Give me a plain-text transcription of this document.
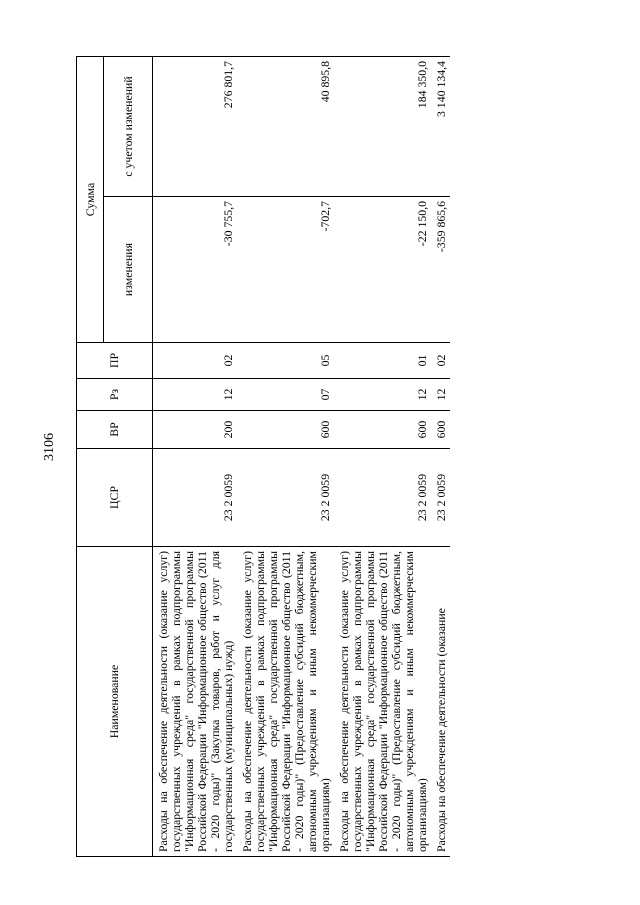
3106
Наименование	ЦСР	ВР	Рз	ПР	Сумма	
					изменения	с учетом изменений
Расходы на обеспечение деятельности (оказание услуг) государственных учреждений в рамках подпрограммы "Информационная среда" государственной программы Российской Федерации "Информационное общество (2011 - 2020 годы)" (Закупка товаров, работ и услуг для государственных (муниципальных) нужд)	23 2 0059	200	12	02	-30 755,7	276 801,7
Расходы на обеспечение деятельности (оказание услуг) государственных учреждений в рамках подпрограммы "Информационная среда" государственной программы Российской Федерации "Информационное общество (2011 - 2020 годы)" (Предоставление субсидий бюджетным, автономным учреждениям и иным некоммерческим организациям)	23 2 0059	600	07	05	-702,7	40 895,8
Расходы на обеспечение деятельности (оказание услуг) государственных учреждений в рамках подпрограммы "Информационная среда" государственной программы Российской Федерации "Информационное общество (2011 - 2020 годы)" (Предоставление субсидий бюджетным, автономным учреждениям и иным некоммерческим организациям)	23 2 0059	600	12	01	-22 150,0	184 350,0
Расходы на обеспечение деятельности (оказание	23 2 0059	600	12	02	-359 865,6	3 140 134,4
